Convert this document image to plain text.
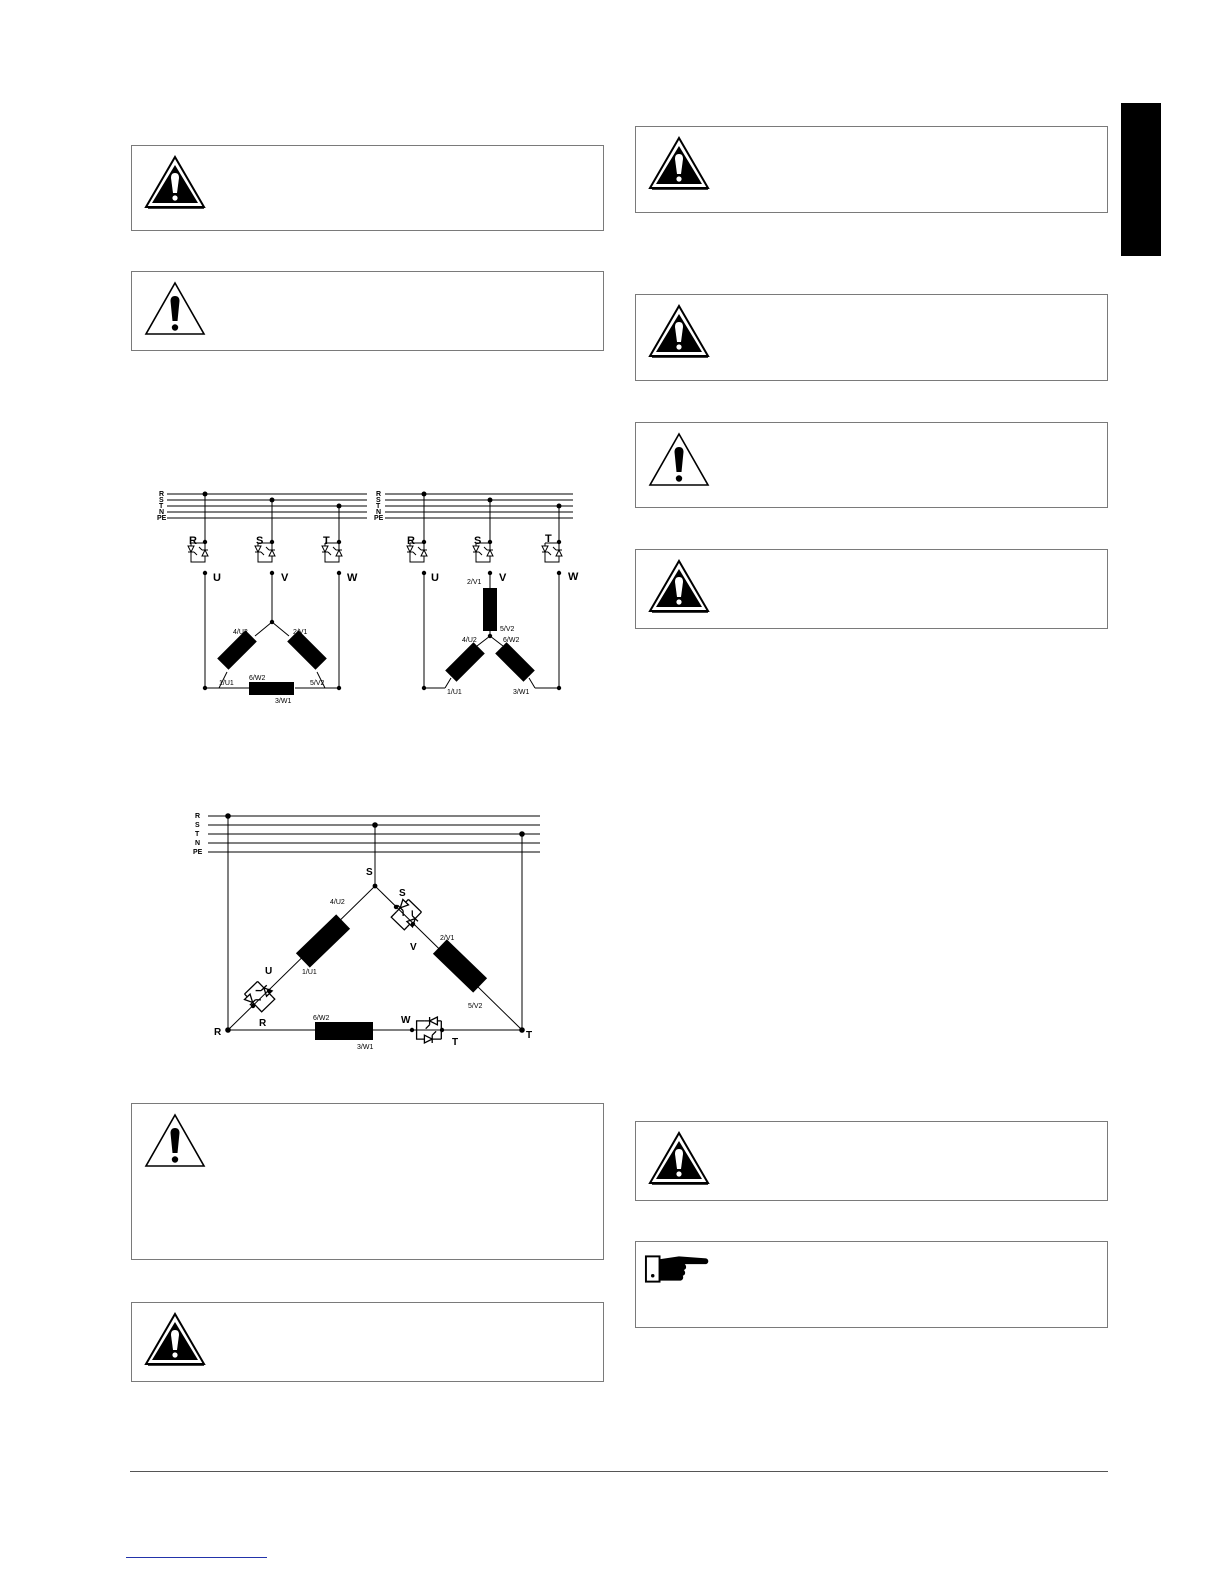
R
S
T
N
PE
R	S	T
U	V	W
4/U2	2/V1
1/U1	5/V2
6/W2
3/W1
R
S
T
N
PE
R	S	T
U	V	W
2/V1
5/V2
4/U2	6/W2
1/U1	3/W1
R
S
T
N
PE
S
R	T
S
V
U
R	W
T
4/U2
1/U1
2/V1
5/V2
6/W2
3/W1
